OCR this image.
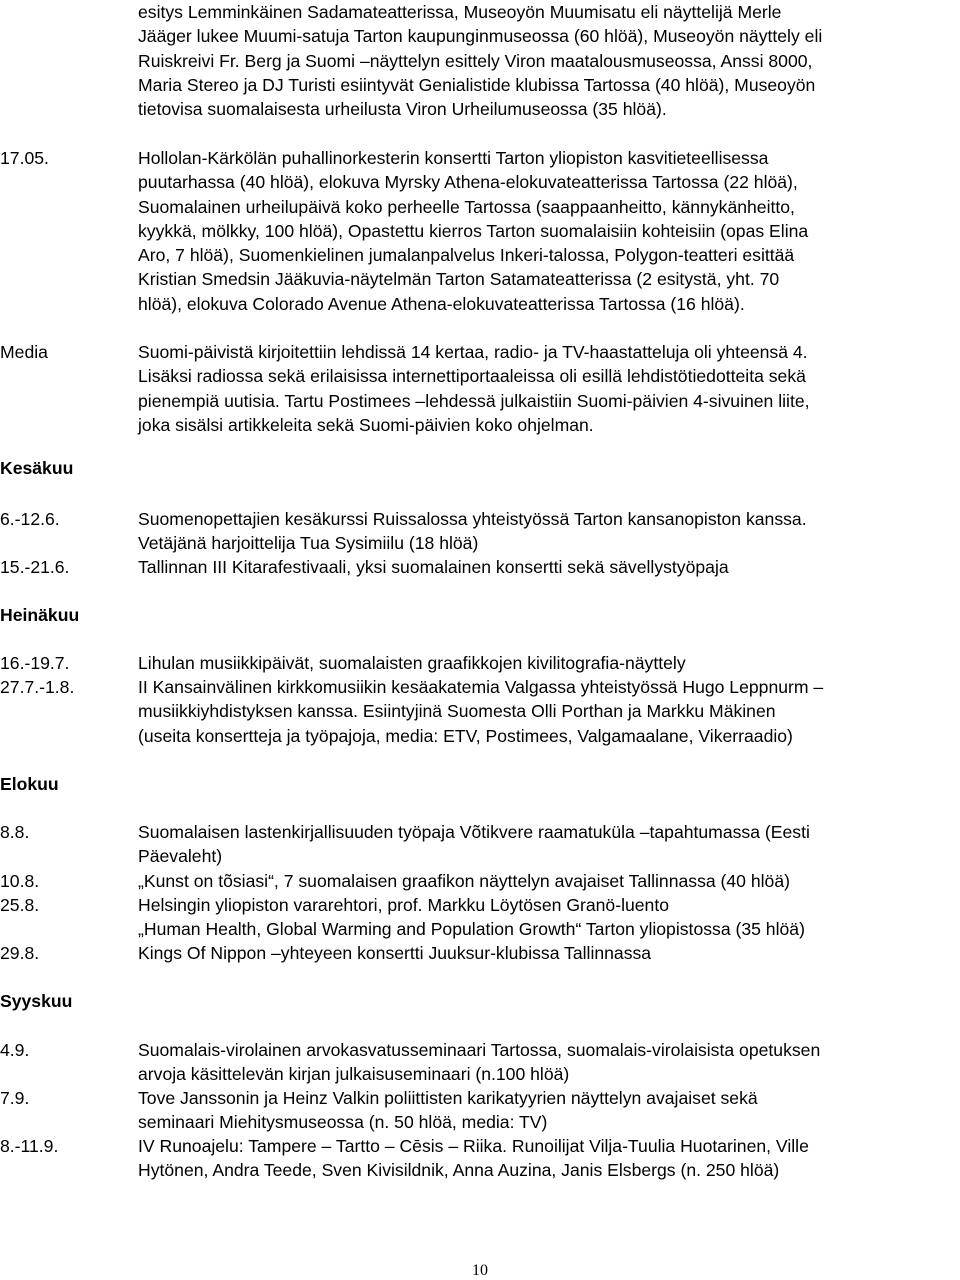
esitys Lemminkäinen Sadamateatterissa, Museoyön Muumisatu eli näyttelijä Merle
Jääger lukee Muumi-satuja Tarton kaupunginmuseossa (60 hlöä), Museoyön näyttely eli
Ruiskreivi Fr. Berg ja Suomi –näyttelyn esittely Viron maatalousmuseossa, Anssi 8000,
Maria Stereo ja DJ Turisti esiintyvät Genialistide klubissa Tartossa (40 hlöä), Museoyön
tietovisa suomalaisesta urheilusta Viron Urheilumuseossa (35 hlöä).
17.05.	Hollolan-Kärkölän puhallinorkesterin konsertti Tarton yliopiston kasvitieteellisessa
puutarhassa (40 hlöä), elokuva Myrsky Athena-elokuvateatterissa Tartossa (22 hlöä),
Suomalainen urheilupäivä koko perheelle Tartossa (saappaanheitto, kännykänheitto,
kyykkä, mölkky, 100 hlöä), Opastettu kierros Tarton suomalaisiin kohteisiin (opas Elina
Aro, 7 hlöä), Suomenkielinen jumalanpalvelus Inkeri-talossa, Polygon-teatteri esittää
Kristian Smedsin Jääkuvia-näytelmän Tarton Satamateatterissa (2 esitystä, yht. 70
hlöä), elokuva Colorado Avenue Athena-elokuvateatterissa Tartossa (16 hlöä).
Media	Suomi-päivistä kirjoitettiin lehdissä 14 kertaa, radio- ja TV-haastatteluja oli yhteensä 4.
Lisäksi radiossa sekä erilaisissa internettiportaaleissa oli esillä lehdistötiedotteita sekä
pienempiä uutisia. Tartu Postimees –lehdessä julkaistiin Suomi-päivien 4-sivuinen liite,
joka sisälsi artikkeleita sekä Suomi-päivien koko ohjelman.
Kesäkuu
6.-12.6.	Suomenopettajien kesäkurssi Ruissalossa yhteistyössä Tarton kansanopiston kanssa.
Vetäjänä harjoittelija Tua Sysimiilu (18 hlöä)
15.-21.6.	Tallinnan III Kitarafestivaali, yksi suomalainen konsertti sekä sävellystyöpaja
Heinäkuu
16.-19.7.	Lihulan musiikkipäivät, suomalaisten graafikkojen kivilitografia-näyttely
27.7.-1.8.	II Kansainvälinen kirkkomusiikin kesäakatemia Valgassa yhteistyössä Hugo Leppnurm –
musiikkiyhdistyksen kanssa. Esiintyjinä Suomesta Olli Porthan ja Markku Mäkinen
(useita konsertteja ja työpajoja, media: ETV, Postimees, Valgamaalane, Vikerraadio)
Elokuu
8.8.	Suomalaisen lastenkirjallisuuden työpaja Võtikvere raamatuküla –tapahtumassa (Eesti
Päevaleht)
10.8.	„Kunst on tõsiasi“, 7 suomalaisen graafikon näyttelyn avajaiset Tallinnassa (40 hlöä)
25.8.	Helsingin yliopiston vararehtori, prof. Markku Löytösen Granö-luento
„Human Health, Global Warming and Population Growth“ Tarton yliopistossa (35 hlöä)
29.8.	Kings Of Nippon –yhteyeen konsertti Juuksur-klubissa Tallinnassa
Syyskuu
4.9.	Suomalais-virolainen arvokasvatusseminaari Tartossa, suomalais-virolaisista opetuksen
arvoja käsittelevän kirjan julkaisuseminaari (n.100 hlöä)
7.9.	Tove Janssonin ja Heinz Valkin poliittisten karikatyyrien näyttelyn avajaiset sekä
seminaari Miehitysmuseossa (n. 50 hlöä, media: TV)
8.-11.9.	IV Runoajelu: Tampere – Tartto – Cēsis – Riika. Runoilijat Vilja-Tuulia Huotarinen, Ville
Hytönen, Andra Teede, Sven Kivisildnik, Anna Auzina, Janis Elsbergs (n. 250 hlöä)
10
